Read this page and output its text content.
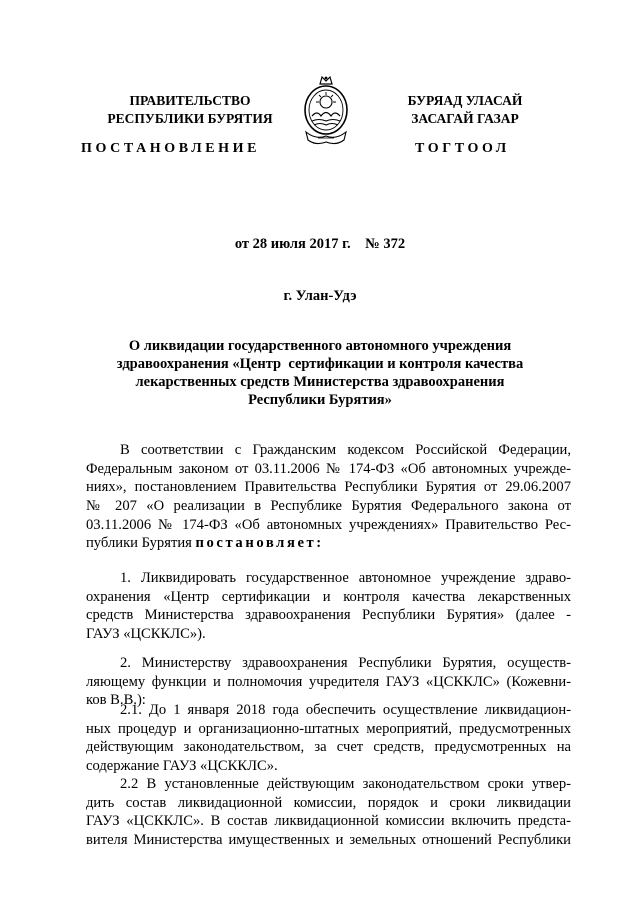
ПРАВИТЕЛЬСТВО
РЕСПУБЛИКИ БУРЯТИЯ
БУРЯАД УЛАСАЙ
ЗАСАГАЙ ГАЗАР
ПОСТАНОВЛЕНИЕ	ТОГТООЛ
от 28 июля 2017 г.    № 372
г. Улан-Удэ
О ликвидации государственного автономного учреждения
здравоохранения «Центр  сертификации и контроля качества
лекарственных средств Министерства здравоохранения
Республики Бурятия»
В соответствии с Гражданским кодексом Российской Федерации,
Федеральным законом от 03.11.2006 № 174-ФЗ «Об автономных учрежде-
ниях», постановлением Правительства Республики Бурятия от 29.06.2007
№ 207 «О реализации в Республике Бурятия Федерального закона от
03.11.2006 № 174-ФЗ «Об автономных учреждениях» Правительство Рес-
публики Бурятия постановляет:
1. Ликвидировать государственное автономное учреждение здраво-
охранения «Центр сертификации и контроля качества лекарственных
средств Министерства здравоохранения Республики Бурятия» (далее -
ГАУЗ «ЦСККЛС»).
2. Министерству здравоохранения Республики Бурятия, осуществ-
ляющему функции и полномочия учредителя ГАУЗ «ЦСККЛС» (Кожевни-
ков В.В.):
2.1. До 1 января 2018 года обеспечить осуществление ликвидацион-
ных процедур и организационно-штатных мероприятий, предусмотренных
действующим законодательством, за счет средств, предусмотренных на
содержание ГАУЗ «ЦСККЛС».
2.2 В установленные действующим законодательством сроки утвер-
дить состав ликвидационной комиссии, порядок и сроки ликвидации
ГАУЗ «ЦСККЛС». В состав ликвидационной комиссии включить предста-
вителя Министерства имущественных и земельных отношений Республики
